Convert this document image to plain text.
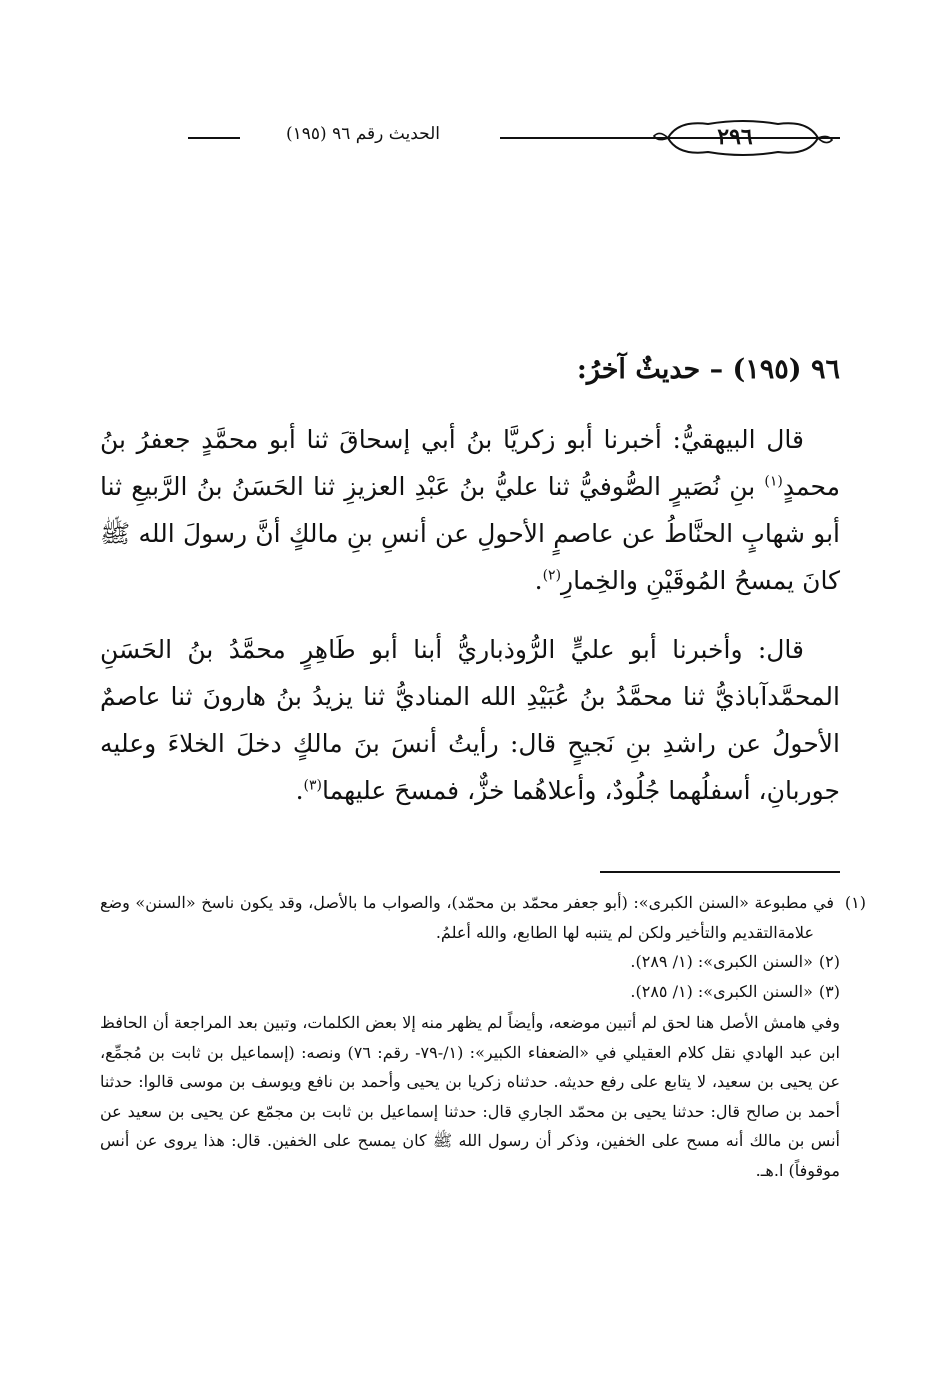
الحديث رقم ٩٦ (١٩٥)	٢٩٦
٩٦ (١٩٥) – حديثٌ آخرُ:

قال البيهقيُّ: أخبرنا أبو زكريَّا بنُ أبي إسحاقَ ثنا أبو محمَّدٍ جعفرُ بنُ محمدٍ$^{(١)}$ بنِ نُصَيرٍ الصُّوفيُّ ثنا عليُّ بنُ عَبْدِ العزيزِ ثنا الحَسَنُ بنُ الرَّبيعِ ثنا أبو شهابٍ الحنَّاطُ عن عاصمٍ الأحولِ عن أنسِ بنِ مالكٍ أنَّ رسولَ الله ﷺ كانَ يمسحُ المُوقَيْنِ والخِمارِ$^{(٢)}$.

قال: وأخبرنا أبو عليٍّ الرُّوذباريُّ أبنا أبو طَاهِرٍ محمَّدُ بنُ الحَسَنِ المحمَّدآباذيُّ ثنا محمَّدُ بنُ عُبَيْدِ الله المناديُّ ثنا يزيدُ بنُ هارونَ ثنا عاصمٌ الأحولُ عن راشدِ بنِ نَجيحٍ قال: رأيتُ أنسَ بنَ مالكٍ دخلَ الخلاءَ وعليه جوربانِ، أسفلُهما جُلُودٌ، وأعلاهُما خزٌّ، فمسحَ عليهما$^{(٣)}$.

(١)في مطبوعة «السنن الكبرى»: (أبو جعفر محمّد بن محمّد)، والصواب ما بالأصل، وقد يكون ناسخ «السنن» وضع علامةالتقديم والتأخير ولكن لم يتنبه لها الطابع، والله أعلمُ.

(٢)«السنن الكبرى»: (١/ ٢٨٩).

(٣)«السنن الكبرى»: (١/ ٢٨٥).

وفي هامش الأصل هنا لحق لم أتبين موضعه، وأيضاً لم يظهر منه إلا بعض الكلمات، وتبين بعد المراجعة أن الحافظ ابن عبد الهادي نقل كلام العقيلي في «الضعفاء الكبير»: (١/-٧٩- رقم: ٧٦) ونصه: (إسماعيل بن ثابت بن مُجمِّع، عن يحيى بن سعيد، لا يتابع على رفع حديثه. حدثناه زكريا بن يحيى وأحمد بن نافع ويوسف بن موسى قالوا: حدثنا أحمد بن صالح قال: حدثنا يحيى بن محمّد الجاري قال: حدثنا إسماعيل بن ثابت بن مجمّع عن يحيى بن سعيد عن أنس بن مالك أنه مسح على الخفين، وذكر أن رسول الله ﷺ كان يمسح على الخفين. قال: هذا يروى عن أنس موقوفاً) ا.هـ.
